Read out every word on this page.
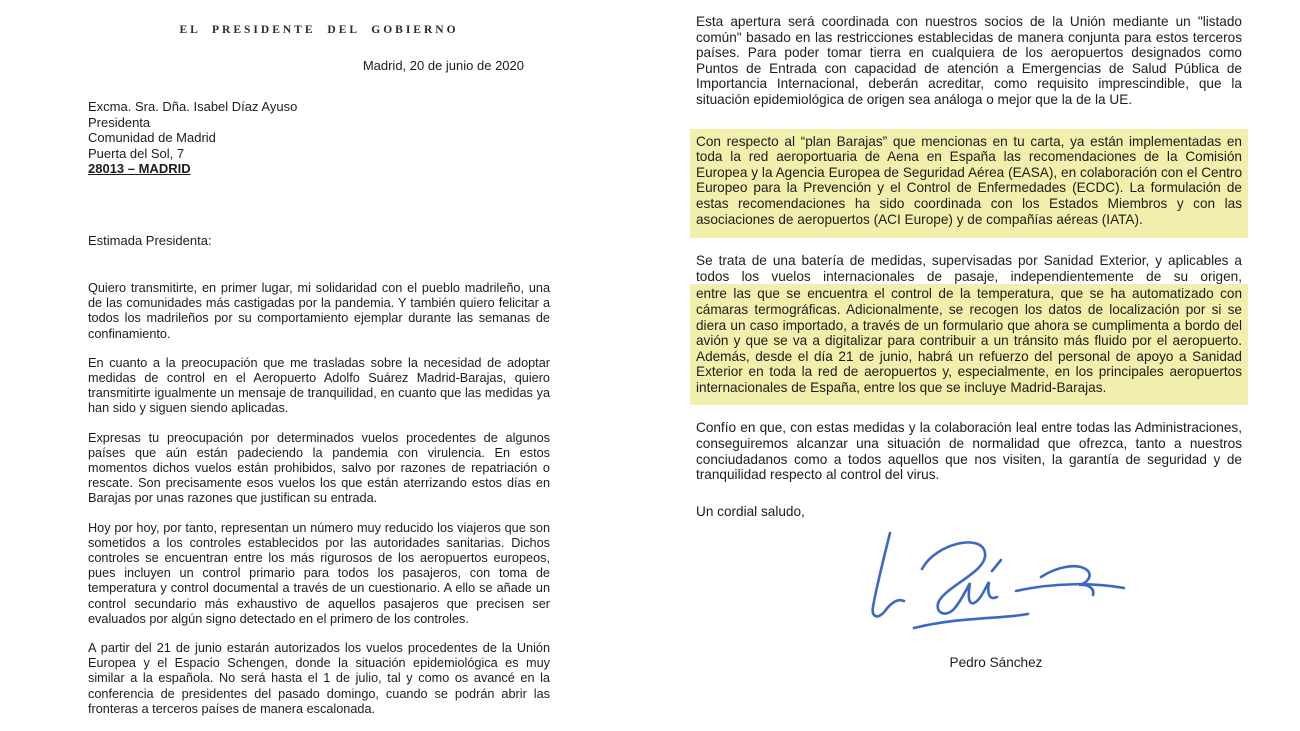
EL PRESIDENTE DEL GOBIERNO
Madrid, 20 de junio de 2020
Excma. Sra. Dña. Isabel Díaz Ayuso
Presidenta
Comunidad de Madrid
Puerta del Sol, 7
28013 – MADRID
Estimada Presidenta:

Quiero transmitirte, en primer lugar, mi solidaridad con el pueblo madrileño, una de las comunidades más castigadas por la pandemia. Y también quiero felicitar a todos los madrileños por su comportamiento ejemplar durante las semanas de confinamiento.

En cuanto a la preocupación que me trasladas sobre la necesidad de adoptar medidas de control en el Aeropuerto Adolfo Suárez Madrid-Barajas, quiero transmitirte igualmente un mensaje de tranquilidad, en cuanto que las medidas ya han sido y siguen siendo aplicadas.

Expresas tu preocupación por determinados vuelos procedentes de algunos países que aún están padeciendo la pandemia con virulencia. En estos momentos dichos vuelos están prohibidos, salvo por razones de repatriación o rescate. Son precisamente esos vuelos los que están aterrizando estos días en Barajas por unas razones que justifican su entrada.

Hoy por hoy, por tanto, representan un número muy reducido los viajeros que son sometidos a los controles establecidos por las autoridades sanitarias. Dichos controles se encuentran entre los más rigurosos de los aeropuertos europeos, pues incluyen un control primario para todos los pasajeros, con toma de temperatura y control documental a través de un cuestionario. A ello se añade un control secundario más exhaustivo de aquellos pasajeros que precisen ser evaluados por algún signo detectado en el primero de los controles.

A partir del 21 de junio estarán autorizados los vuelos procedentes de la Unión Europea y el Espacio Schengen, donde la situación epidemiológica es muy similar a la española. No será hasta el 1 de julio, tal y como os avancé en la conferencia de presidentes del pasado domingo, cuando se podrán abrir las fronteras a terceros países de manera escalonada.

Esta apertura será coordinada con nuestros socios de la Unión mediante un "listado común" basado en las restricciones establecidas de manera conjunta para estos terceros países. Para poder tomar tierra en cualquiera de los aeropuertos designados como Puntos de Entrada con capacidad de atención a Emergencias de Salud Pública de Importancia Internacional, deberán acreditar, como requisito imprescindible, que la situación epidemiológica de origen sea análoga o mejor que la de la UE.

Con respecto al “plan Barajas” que mencionas en tu carta, ya están implementadas en toda la red aeroportuaria de Aena en España las recomendaciones de la Comisión Europea y la Agencia Europea de Seguridad Aérea (EASA), en colaboración con el Centro Europeo para la Prevención y el Control de Enfermedades (ECDC). La formulación de estas recomendaciones ha sido coordinada con los Estados Miembros y con las asociaciones de aeropuertos (ACI Europe) y de compañías aéreas (IATA).

Se trata de una batería de medidas, supervisadas por Sanidad Exterior, y aplicables a todos los vuelos internacionales de pasaje, independientemente de su origen,

entre las que se encuentra el control de la temperatura, que se ha automatizado con cámaras termográficas. Adicionalmente, se recogen los datos de localización por si se diera un caso importado, a través de un formulario que ahora se cumplimenta a bordo del avión y que se va a digitalizar para contribuir a un tránsito más fluido por el aeropuerto. Además, desde el día 21 de junio, habrá un refuerzo del personal de apoyo a Sanidad Exterior en toda la red de aeropuertos y, especialmente, en los principales aeropuertos internacionales de España, entre los que se incluye Madrid-Barajas.

Confío en que, con estas medidas y la colaboración leal entre todas las Administraciones, conseguiremos alcanzar una situación de normalidad que ofrezca, tanto a nuestros conciudadanos como a todos aquellos que nos visiten, la garantía de seguridad y de tranquilidad respecto al control del virus.

Un cordial saludo,
Pedro Sánchez
